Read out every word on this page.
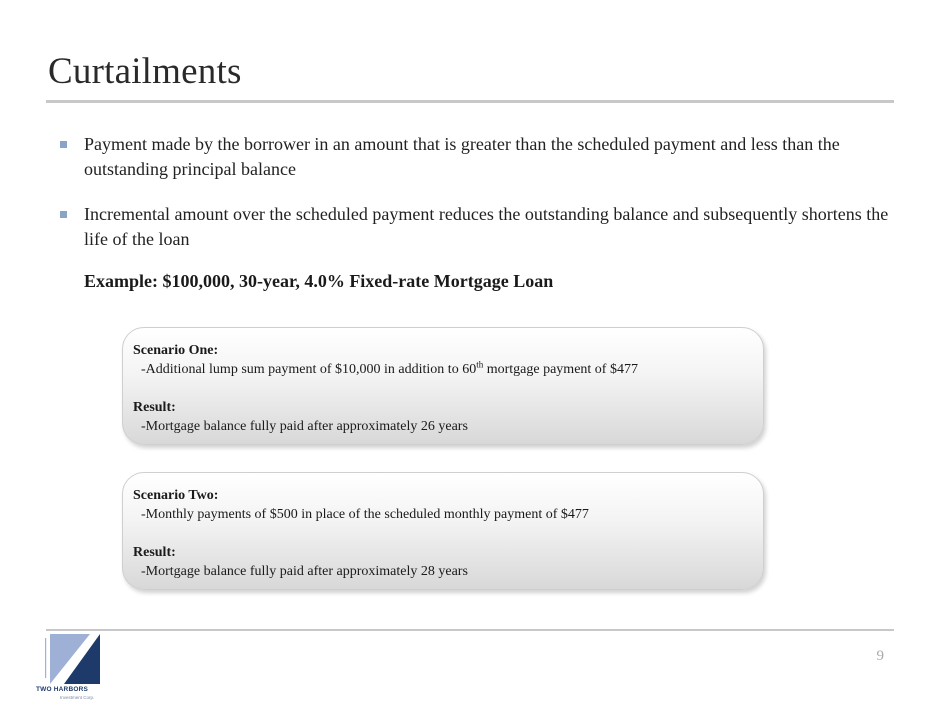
Curtailments
Payment made by the borrower in an amount that is greater than the scheduled payment and less than the outstanding principal balance
Incremental amount over the scheduled payment reduces the outstanding balance and subsequently shortens the life of the loan
Example: $100,000, 30-year, 4.0% Fixed-rate Mortgage Loan
Scenario One:
-Additional lump sum payment of $10,000 in addition to 60th mortgage payment of $477
Result:
-Mortgage balance fully paid after approximately 26 years
Scenario Two:
-Monthly payments of $500 in place of the scheduled monthly payment of $477
Result:
-Mortgage balance fully paid after approximately 28 years
TWO HARBORS
Investment Corp.
9
